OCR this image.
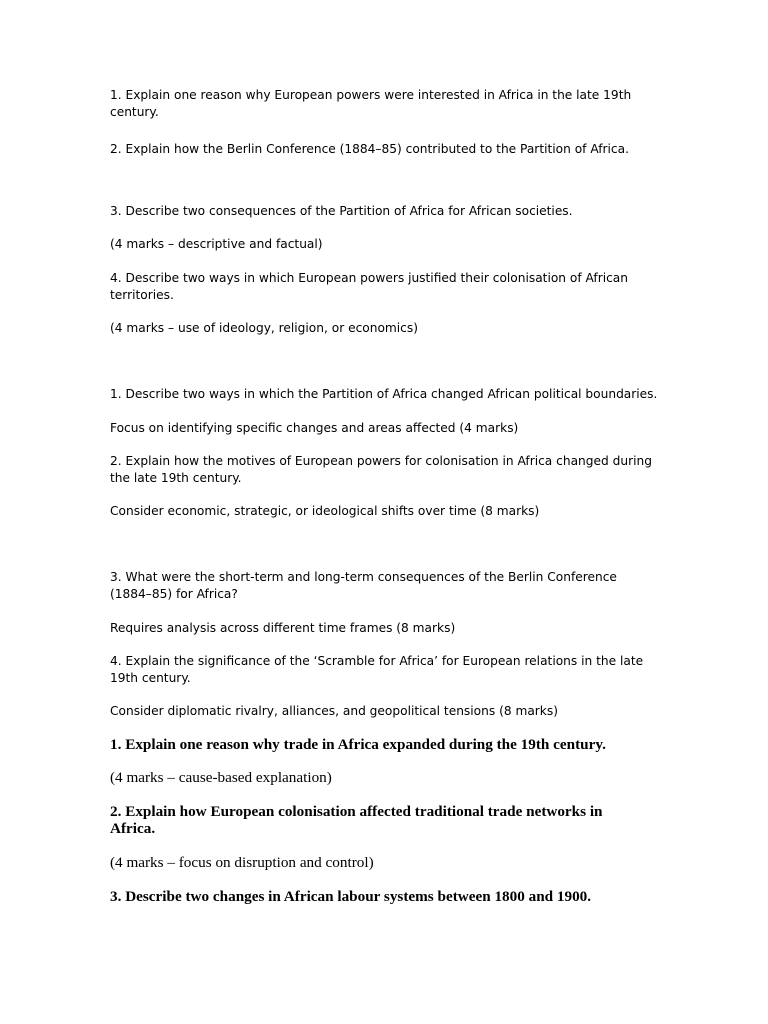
1. Explain one reason why European powers were interested in Africa in the late 19th century.

2. Explain how the Berlin Conference (1884–85) contributed to the Partition of Africa.

3. Describe two consequences of the Partition of Africa for African societies.

(4 marks – descriptive and factual)

4. Describe two ways in which European powers justified their colonisation of African territories.

(4 marks – use of ideology, religion, or economics)

1. Describe two ways in which the Partition of Africa changed African political boundaries.

Focus on identifying specific changes and areas affected (4 marks)

2. Explain how the motives of European powers for colonisation in Africa changed during the late 19th century.

Consider economic, strategic, or ideological shifts over time (8 marks)

3. What were the short-term and long-term consequences of the Berlin Conference (1884–85) for Africa?

Requires analysis across different time frames (8 marks)

4. Explain the significance of the ‘Scramble for Africa’ for European relations in the late 19th century.

Consider diplomatic rivalry, alliances, and geopolitical tensions (8 marks)

1. Explain one reason why trade in Africa expanded during the 19th century.

(4 marks – cause-based explanation)

2. Explain how European colonisation affected traditional trade networks in Africa.

(4 marks – focus on disruption and control)

3. Describe two changes in African labour systems between 1800 and 1900.
